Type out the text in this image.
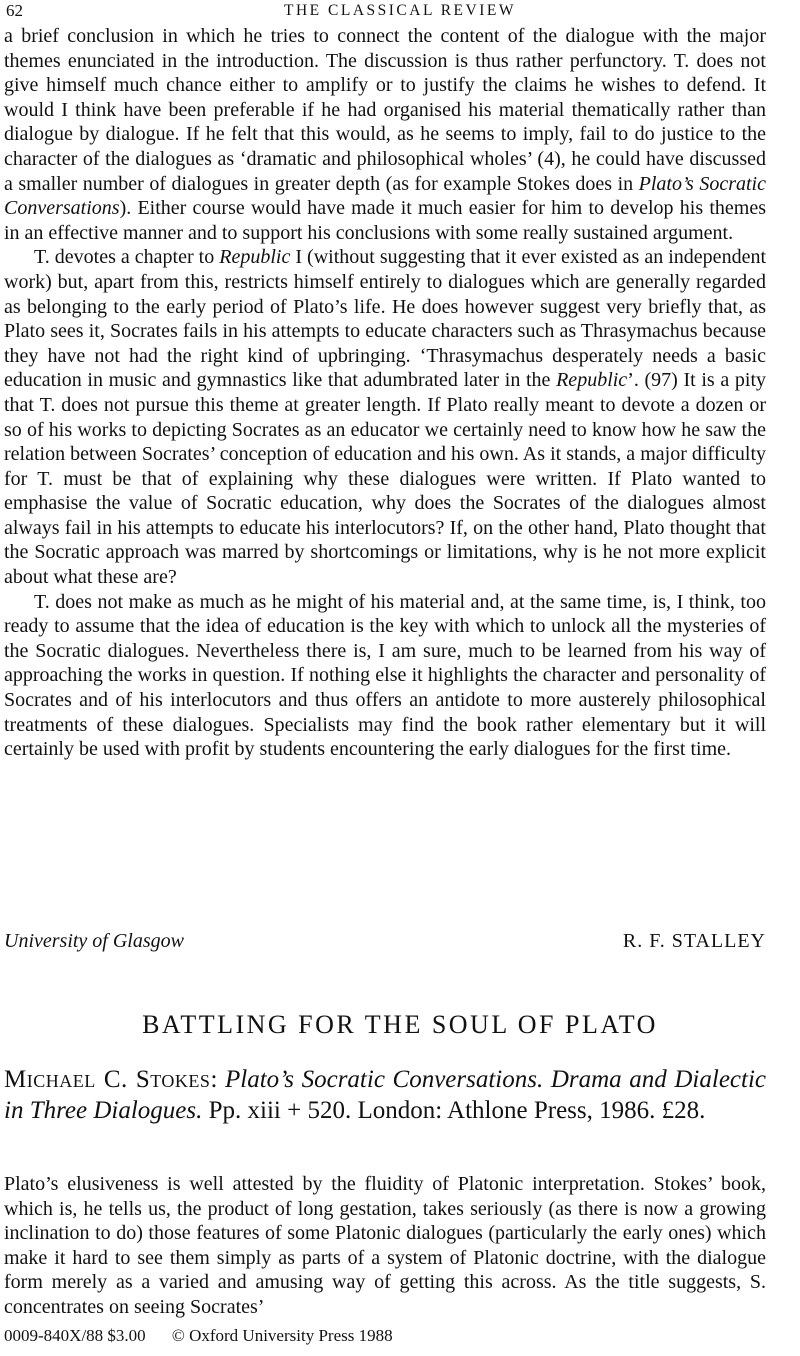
62	THE CLASSICAL REVIEW

a brief conclusion in which he tries to connect the content of the dialogue with the major themes enunciated in the introduction. The discussion is thus rather perfunctory. T. does not give himself much chance either to amplify or to justify the claims he wishes to defend. It would I think have been preferable if he had organised his material thematically rather than dialogue by dialogue. If he felt that this would, as he seems to imply, fail to do justice to the character of the dialogues as ‘dramatic and philosophical wholes’ (4), he could have discussed a smaller number of dialogues in greater depth (as for example Stokes does in Plato’s Socratic Conversations). Either course would have made it much easier for him to develop his themes in an effective manner and to support his conclusions with some really sustained argument.

T. devotes a chapter to Republic I (without suggesting that it ever existed as an independent work) but, apart from this, restricts himself entirely to dialogues which are generally regarded as belonging to the early period of Plato’s life. He does however suggest very briefly that, as Plato sees it, Socrates fails in his attempts to educate characters such as Thrasymachus because they have not had the right kind of upbringing. ‘Thrasymachus desperately needs a basic education in music and gymnastics like that adumbrated later in the Republic’. (97) It is a pity that T. does not pursue this theme at greater length. If Plato really meant to devote a dozen or so of his works to depicting Socrates as an educator we certainly need to know how he saw the relation between Socrates’ conception of education and his own. As it stands, a major difficulty for T. must be that of explaining why these dialogues were written. If Plato wanted to emphasise the value of Socratic education, why does the Socrates of the dialogues almost always fail in his attempts to educate his interlocutors? If, on the other hand, Plato thought that the Socratic approach was marred by shortcomings or limitations, why is he not more explicit about what these are?

T. does not make as much as he might of his material and, at the same time, is, I think, too ready to assume that the idea of education is the key with which to unlock all the mysteries of the Socratic dialogues. Nevertheless there is, I am sure, much to be learned from his way of approaching the works in question. If nothing else it highlights the character and personality of Socrates and of his interlocutors and thus offers an antidote to more austerely philosophical treatments of these dialogues. Specialists may find the book rather elementary but it will certainly be used with profit by students encountering the early dialogues for the first time.

University of Glasgow	R. F. STALLEY
BATTLING FOR THE SOUL OF PLATO
Michael C. Stokes: Plato’s Socratic Conversations. Drama and Dialectic in Three Dialogues. Pp. xiii + 520. London: Athlone Press, 1986. £28.

Plato’s elusiveness is well attested by the fluidity of Platonic interpretation. Stokes’ book, which is, he tells us, the product of long gestation, takes seriously (as there is now a growing inclination to do) those features of some Platonic dialogues (particularly the early ones) which make it hard to see them simply as parts of a system of Platonic doctrine, with the dialogue form merely as a varied and amusing way of getting this across. As the title suggests, S. concentrates on seeing Socrates’

0009-840X/88 $3.00 © Oxford University Press 1988
